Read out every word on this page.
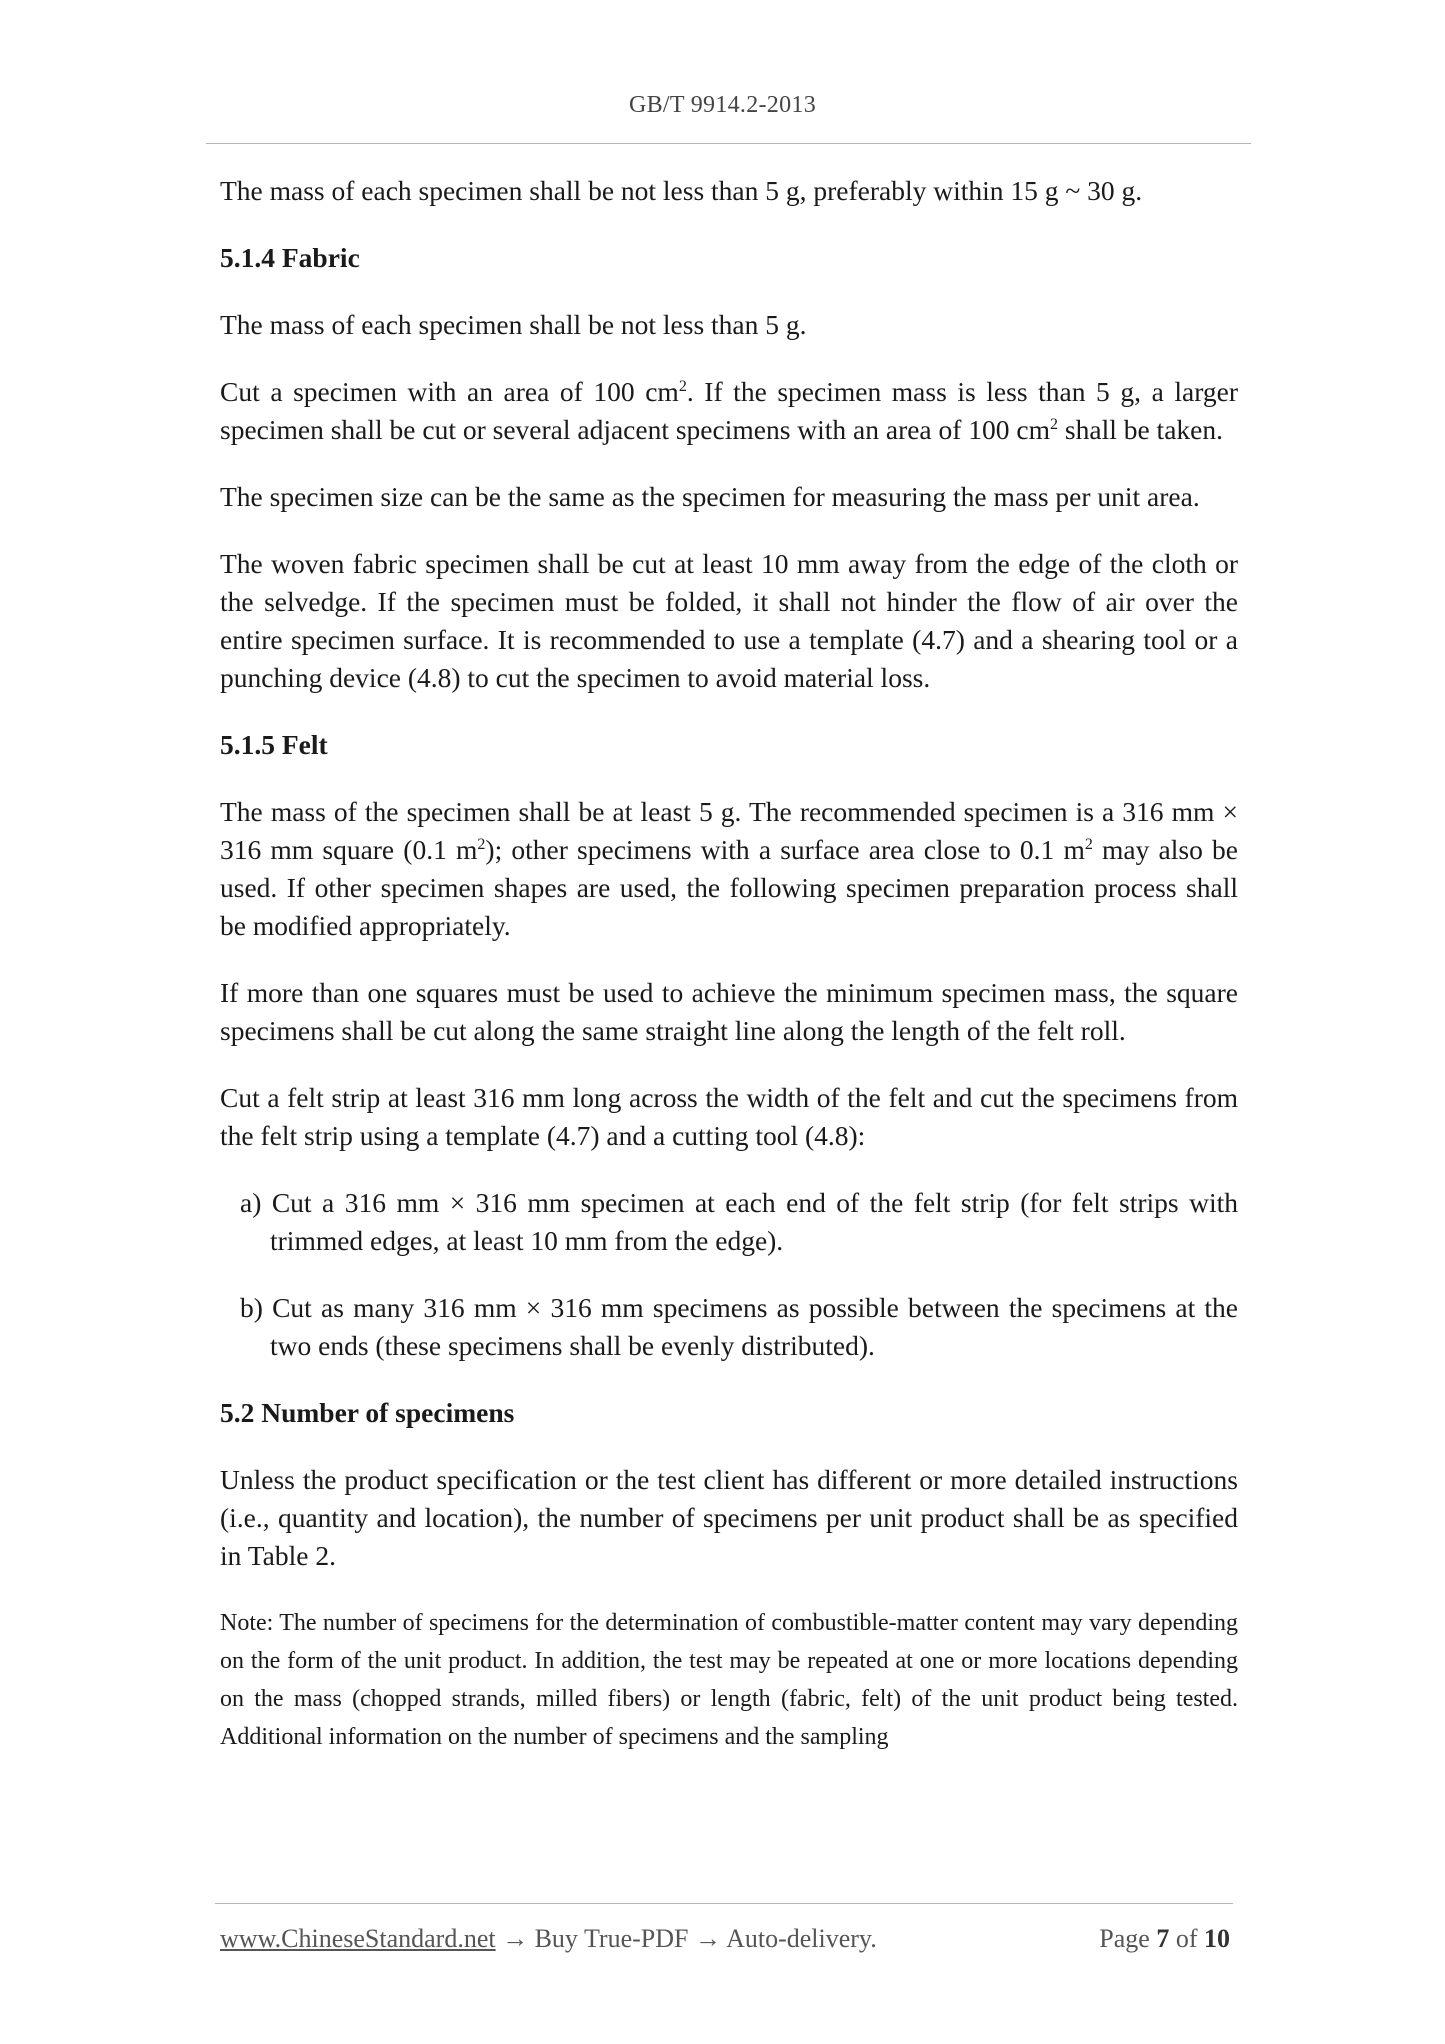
GB/T 9914.2-2013

The mass of each specimen shall be not less than 5 g, preferably within 15 g ~ 30 g.

5.1.4 Fabric

The mass of each specimen shall be not less than 5 g.

Cut a specimen with an area of 100 $cm^2$. If the specimen mass is less than 5 g, a larger specimen shall be cut or several adjacent specimens with an area of 100 $cm^2$ shall be taken.

The specimen size can be the same as the specimen for measuring the mass per unit area.

The woven fabric specimen shall be cut at least 10 mm away from the edge of the cloth or the selvedge. If the specimen must be folded, it shall not hinder the flow of air over the entire specimen surface. It is recommended to use a template (4.7) and a shearing tool or a punching device (4.8) to cut the specimen to avoid material loss.

5.1.5 Felt

The mass of the specimen shall be at least 5 g. The recommended specimen is a 316 mm × 316 mm square (0.1 $m^2$); other specimens with a surface area close to 0.1 $m^2$ may also be used. If other specimen shapes are used, the following specimen preparation process shall be modified appropriately.

If more than one squares must be used to achieve the minimum specimen mass, the square specimens shall be cut along the same straight line along the length of the felt roll.

Cut a felt strip at least 316 mm long across the width of the felt and cut the specimens from the felt strip using a template (4.7) and a cutting tool (4.8):

a) Cut a 316 mm × 316 mm specimen at each end of the felt strip (for felt strips with trimmed edges, at least 10 mm from the edge).

b) Cut as many 316 mm × 316 mm specimens as possible between the specimens at the two ends (these specimens shall be evenly distributed).

5.2 Number of specimens

Unless the product specification or the test client has different or more detailed instructions (i.e., quantity and location), the number of specimens per unit product shall be as specified in Table 2.

Note: The number of specimens for the determination of combustible-matter content may vary depending on the form of the unit product. In addition, the test may be repeated at one or more locations depending on the mass (chopped strands, milled fibers) or length (fabric, felt) of the unit product being tested. Additional information on the number of specimens and the sampling

www.ChineseStandard.net → Buy True-PDF → Auto-delivery.	Page 7 of 10
